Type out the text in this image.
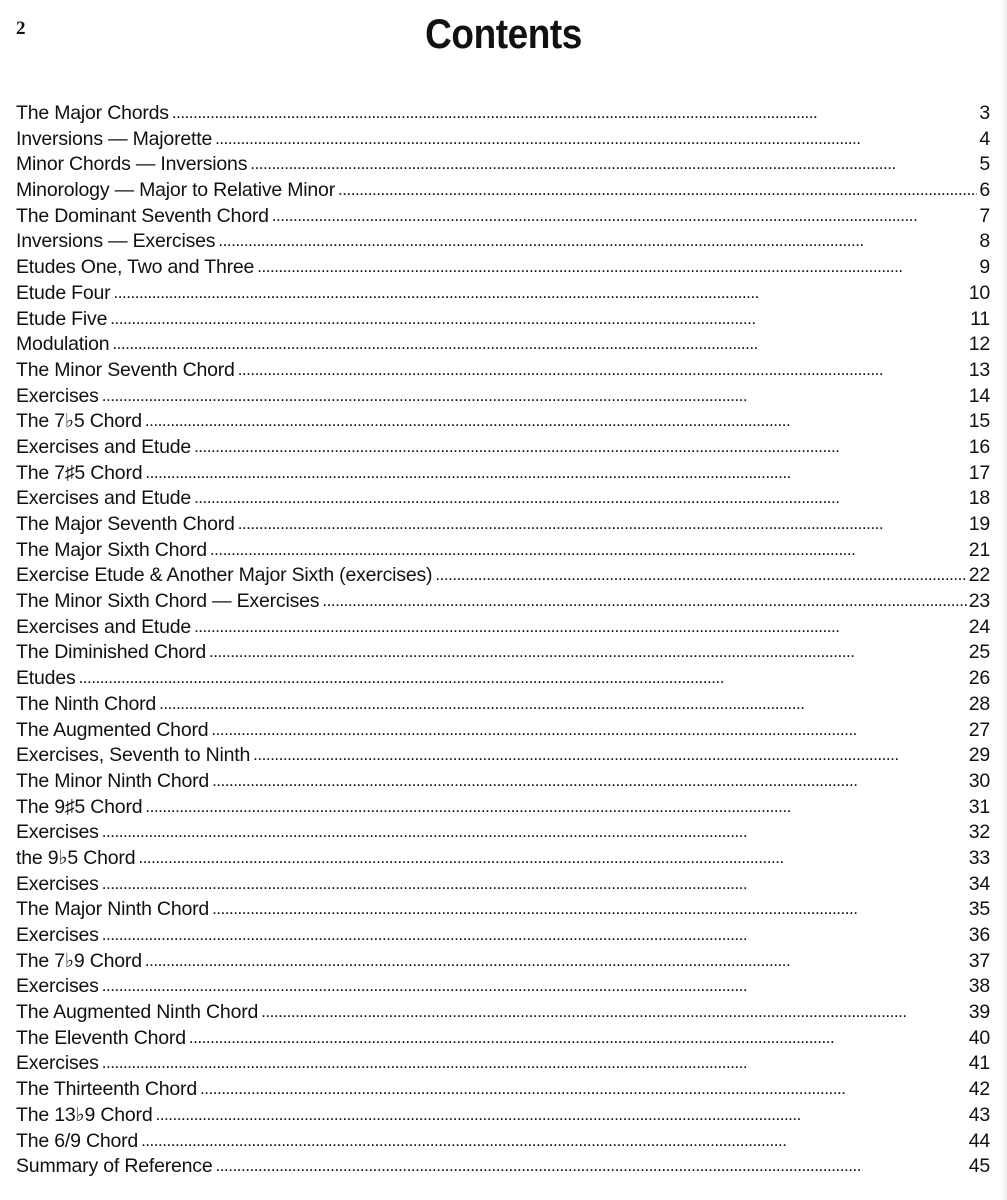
2	Contents
The Major Chords . . .	3
Inversions — Majorette . . .	4
Minor Chords — Inversions . . .	5
Minorology — Major to Relative Minor . . .	6
The Dominant Seventh Chord . . .	7
Inversions — Exercises . . .	8
Etudes One, Two and Three . . .	9
Etude Four . . .	10
Etude Five . . .	11
Modulation . . .	12
The Minor Seventh Chord . . .	13
Exercises . . .	14
The 7♭5 Chord . . .	15
Exercises and Etude . . .	16
The 7♯5 Chord . . .	17
Exercises and Etude . . .	18
The Major Seventh Chord . . .	19
The Major Sixth Chord . . .	21
Exercise Etude & Another Major Sixth (exercises) . . .	22
The Minor Sixth Chord — Exercises . . .	23
Exercises and Etude . . .	24
The Diminished Chord . . .	25
Etudes . . .	26
The Ninth Chord . . .	28
The Augmented Chord . . .	27
Exercises, Seventh to Ninth . . .	29
The Minor Ninth Chord . . .	30
The 9♯5 Chord . . .	31
Exercises . . .	32
the 9♭5 Chord . . .	33
Exercises . . .	34
The Major Ninth Chord . . .	35
Exercises . . .	36
The 7♭9 Chord . . .	37
Exercises . . .	38
The Augmented Ninth Chord . . .	39
The Eleventh Chord . . .	40
Exercises . . .	41
The Thirteenth Chord . . .	42
The 13♭9 Chord . . .	43
The 6/9 Chord . . .	44
Summary of Reference . . .	45
